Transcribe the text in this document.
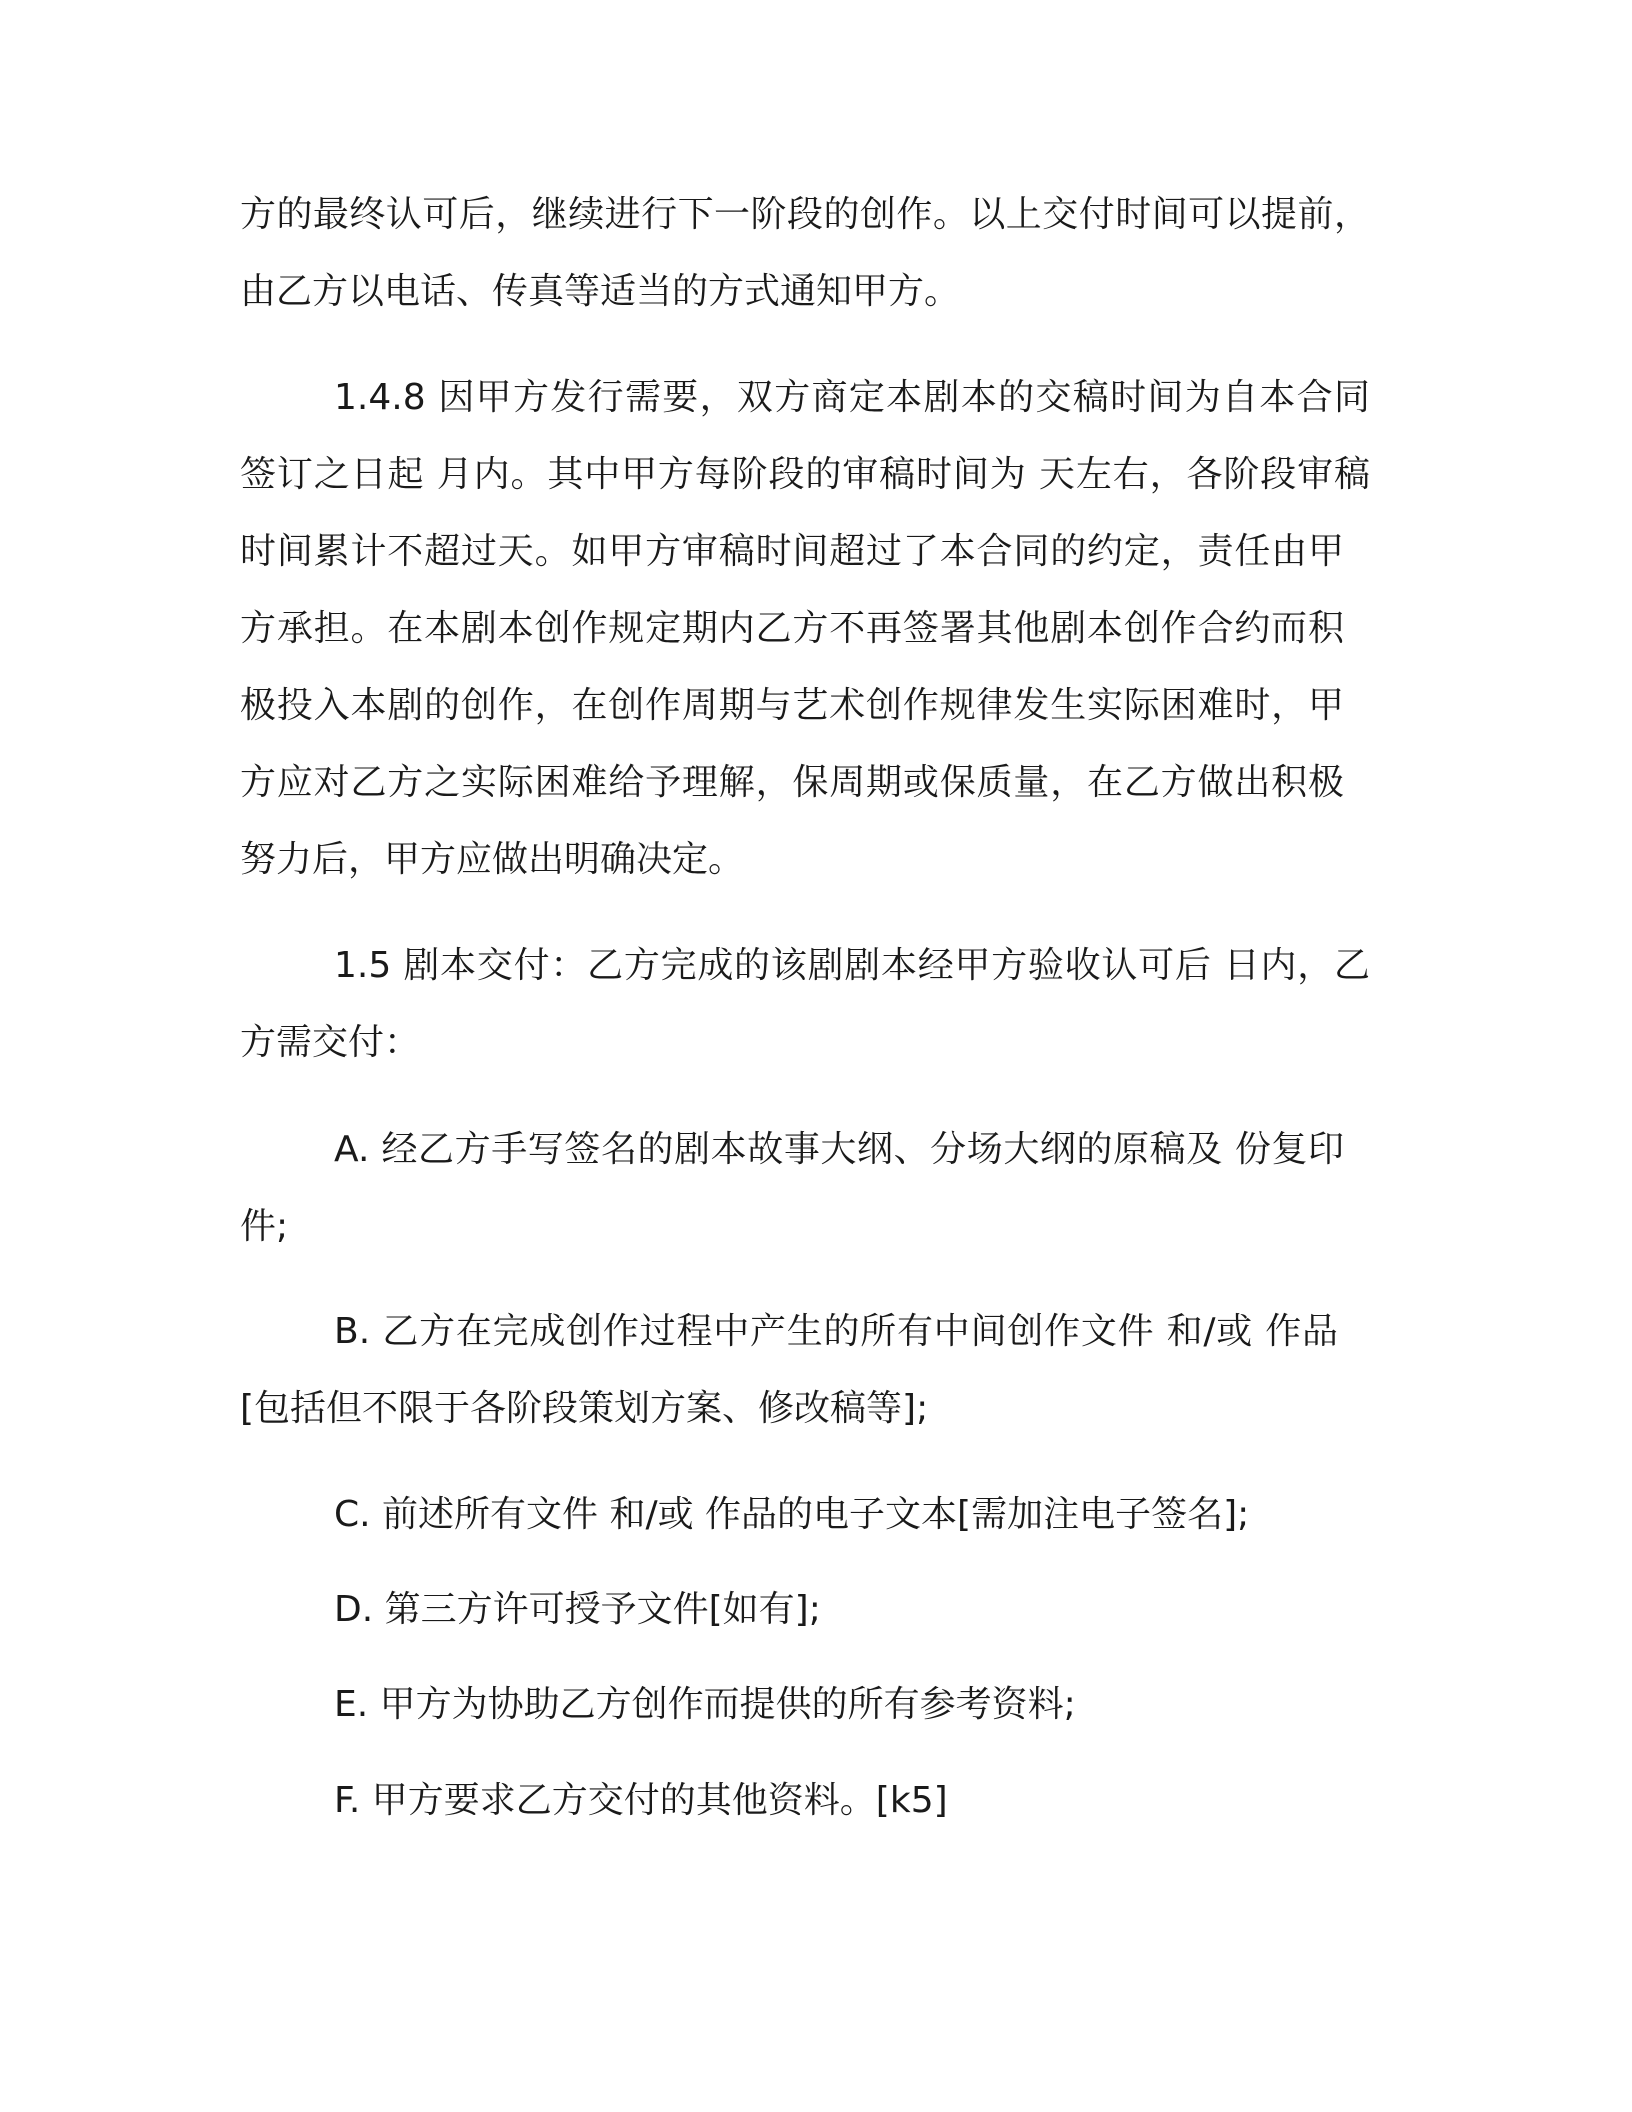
方的最终认可后，继续进行下一阶段的创作。以上交付时间可以提前，

由乙方以电话、传真等适当的方式通知甲方。

1.4.8 因甲方发行需要，双方商定本剧本的交稿时间为自本合同

签订之日起 月内。其中甲方每阶段的审稿时间为 天左右，各阶段审稿

时间累计不超过天。如甲方审稿时间超过了本合同的约定，责任由甲

方承担。在本剧本创作规定期内乙方不再签署其他剧本创作合约而积

极投入本剧的创作，在创作周期与艺术创作规律发生实际困难时，甲

方应对乙方之实际困难给予理解，保周期或保质量，在乙方做出积极

努力后，甲方应做出明确决定。

1.5 剧本交付：乙方完成的该剧剧本经甲方验收认可后 日内，乙

方需交付：

A. 经乙方手写签名的剧本故事大纲、分场大纲的原稿及 份复印

件;

B. 乙方在完成创作过程中产生的所有中间创作文件 和/或 作品

[包括但不限于各阶段策划方案、修改稿等];

C. 前述所有文件 和/或 作品的电子文本[需加注电子签名];

D. 第三方许可授予文件[如有];

E. 甲方为协助乙方创作而提供的所有参考资料;

F. 甲方要求乙方交付的其他资料。[k5]
